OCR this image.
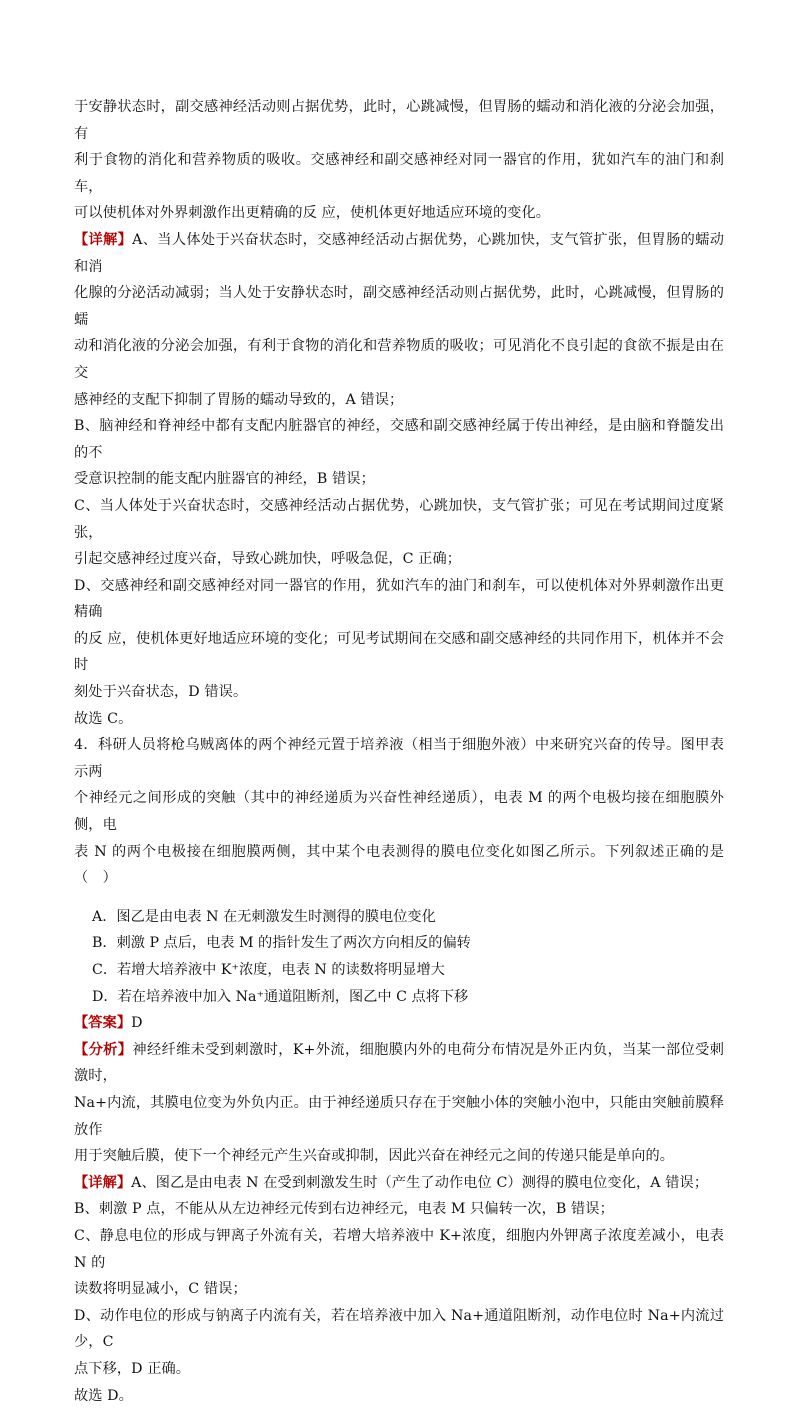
于安静状态时，副交感神经活动则占据优势，此时，心跳减慢，但胃肠的蠕动和消化液的分泌会加强，有

利于食物的消化和营养物质的吸收。交感神经和副交感神经对同一器官的作用，犹如汽车的油门和刹车，

可以使机体对外界刺激作出更精确的反 应，使机体更好地适应环境的变化。

【详解】A、当人体处于兴奋状态时，交感神经活动占据优势，心跳加快，支气管扩张，但胃肠的蠕动和消

化腺的分泌活动减弱；当人处于安静状态时，副交感神经活动则占据优势，此时，心跳减慢，但胃肠的蠕

动和消化液的分泌会加强，有利于食物的消化和营养物质的吸收；可见消化不良引起的食欲不振是由在交

感神经的支配下抑制了胃肠的蠕动导致的，A 错误；

B、脑神经和脊神经中都有支配内脏器官的神经，交感和副交感神经属于传出神经，是由脑和脊髓发出的不

受意识控制的能支配内脏器官的神经，B 错误；

C、当人体处于兴奋状态时，交感神经活动占据优势，心跳加快，支气管扩张；可见在考试期间过度紧张，

引起交感神经过度兴奋，导致心跳加快，呼吸急促，C 正确；

D、交感神经和副交感神经对同一器官的作用，犹如汽车的油门和刹车，可以使机体对外界刺激作出更精确

的反 应，使机体更好地适应环境的变化；可见考试期间在交感和副交感神经的共同作用下，机体并不会时

刻处于兴奋状态，D 错误。

故选 C。

4．科研人员将枪乌贼离体的两个神经元置于培养液（相当于细胞外液）中来研究兴奋的传导。图甲表示两

个神经元之间形成的突触（其中的神经递质为兴奋性神经递质），电表 M 的两个电极均接在细胞膜外侧，电

表 N 的两个电极接在细胞膜两侧，其中某个电表测得的膜电位变化如图乙所示。下列叙述正确的是（　）

A．图乙是由电表 N 在无刺激发生时测得的膜电位变化

B．刺激 P 点后，电表 M 的指针发生了两次方向相反的偏转

C．若增大培养液中 K⁺浓度，电表 N 的读数将明显增大

D．若在培养液中加入 Na⁺通道阻断剂，图乙中 C 点将下移

【答案】D

【分析】神经纤维未受到刺激时，K+外流，细胞膜内外的电荷分布情况是外正内负，当某一部位受刺激时，

Na+内流，其膜电位变为外负内正。由于神经递质只存在于突触小体的突触小泡中，只能由突触前膜释放作

用于突触后膜，使下一个神经元产生兴奋或抑制，因此兴奋在神经元之间的传递只能是单向的。

【详解】A、图乙是由电表 N 在受到刺激发生时（产生了动作电位 C）测得的膜电位变化，A 错误；

B、刺激 P 点，不能从从左边神经元传到右边神经元，电表 M 只偏转一次，B 错误；

C、静息电位的形成与钾离子外流有关，若增大培养液中 K+浓度，细胞内外钾离子浓度差减小，电表 N 的

读数将明显减小，C 错误；

D、动作电位的形成与钠离子内流有关，若在培养液中加入 Na+通道阻断剂，动作电位时 Na+内流过少，C

点下移，D 正确。

故选 D。
